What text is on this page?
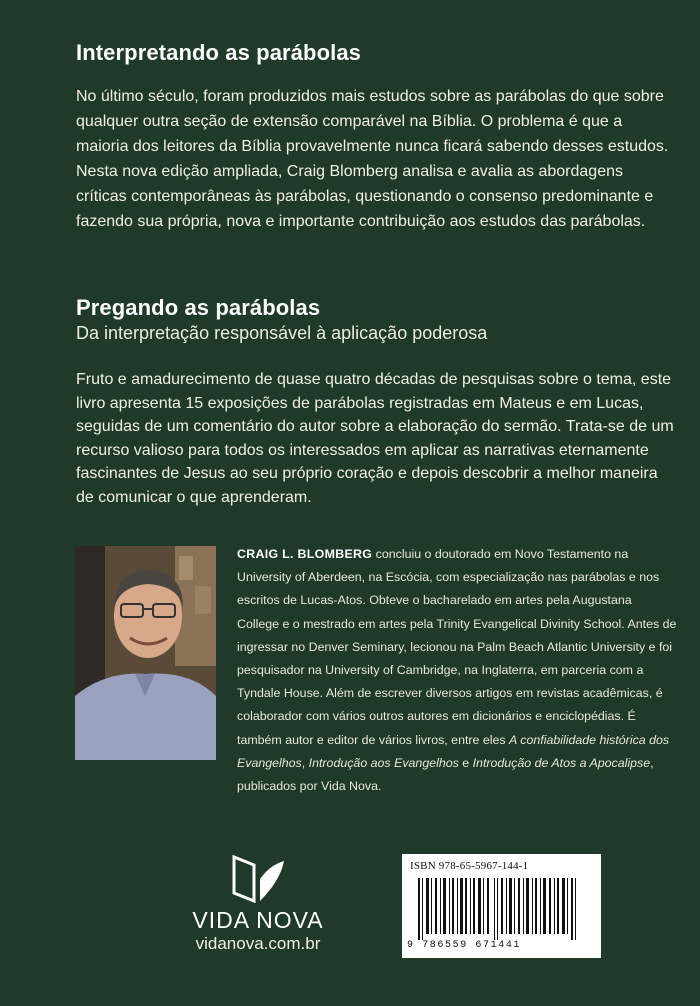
Interpretando as parábolas

No último século, foram produzidos mais estudos sobre as parábolas do que sobre qualquer outra seção de extensão comparável na Bíblia. O problema é que a maioria dos leitores da Bíblia provavelmente nunca ficará sabendo desses estudos. Nesta nova edição ampliada, Craig Blomberg analisa e avalia as abordagens críticas contemporâneas às parábolas, questionando o consenso predominante e fazendo sua própria, nova e importante contribuição aos estudos das parábolas.

Pregando as parábolas
Da interpretação responsável à aplicação poderosa

Fruto e amadurecimento de quase quatro décadas de pesquisas sobre o tema, este livro apresenta 15 exposições de parábolas registradas em Mateus e em Lucas, seguidas de um comentário do autor sobre a elaboração do sermão. Trata-se de um recurso valioso para todos os interessados em aplicar as narrativas eternamente fascinantes de Jesus ao seu próprio coração e depois descobrir a melhor maneira de comunicar o que aprenderam.

CRAIG L. BLOMBERG concluiu o doutorado em Novo Testamento na University of Aberdeen, na Escócia, com especialização nas parábolas e nos escritos de Lucas-Atos. Obteve o bacharelado em artes pela Augustana College e o mestrado em artes pela Trinity Evangelical Divinity School. Antes de ingressar no Denver Seminary, lecionou na Palm Beach Atlantic University e foi pesquisador na University of Cambridge, na Inglaterra, em parceria com a Tyndale House. Além de escrever diversos artigos em revistas acadêmicas, é colaborador com vários outros autores em dicionários e enciclopédias. É também autor e editor de vários livros, entre eles A confiabilidade histórica dos Evangelhos, Introdução aos Evangelhos e Introdução de Atos a Apocalipse, publicados por Vida Nova.

VIDA NOVA
vidanova.com.br
ISBN 978-65-5967-144-1
9 786559 671441
